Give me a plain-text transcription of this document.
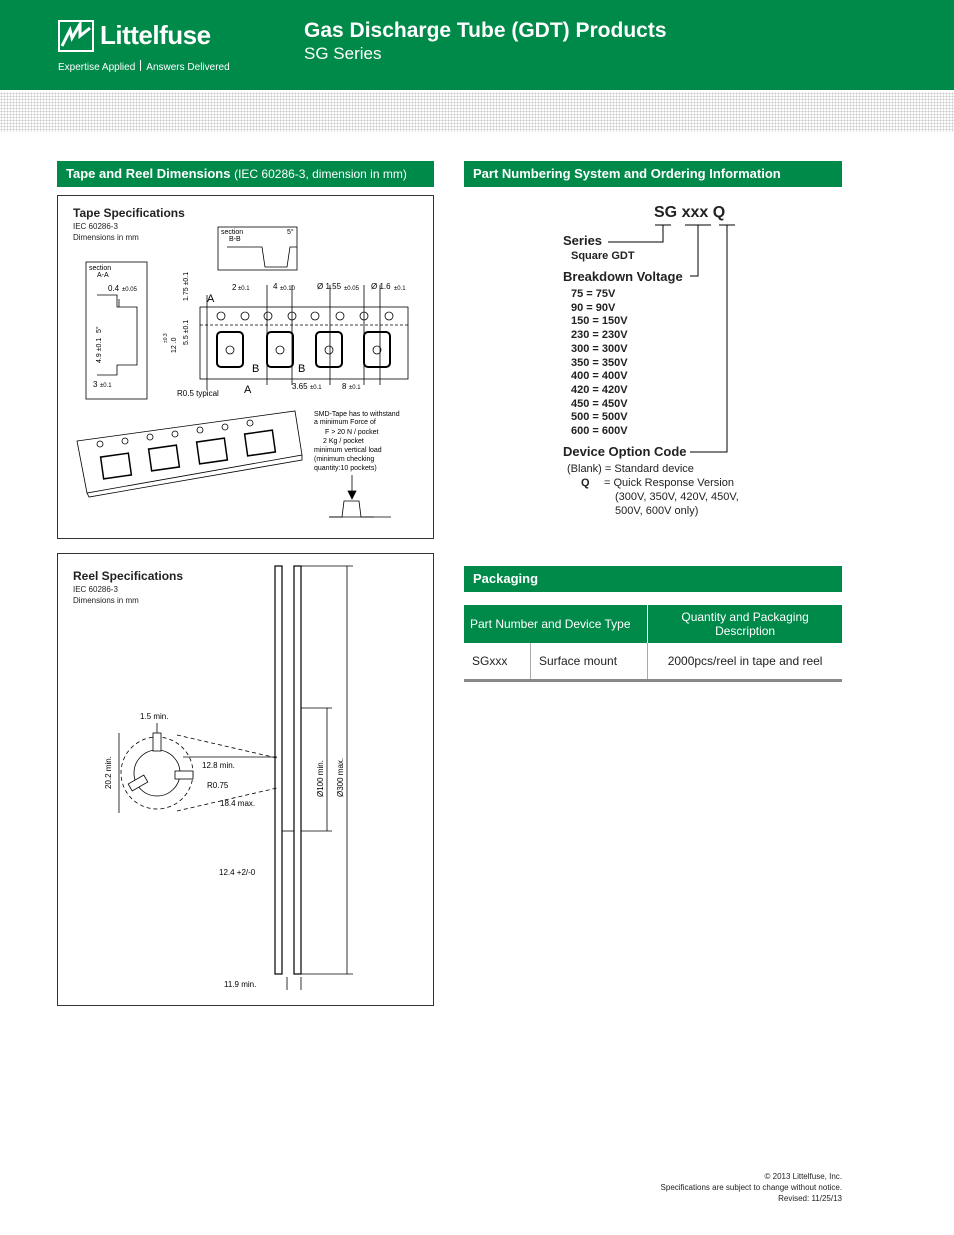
Littelfuse
Expertise Applied Answers Delivered
Gas Discharge Tube (GDT) Products
SG Series
Tape and Reel Dimensions (IEC 60286-3, dimension in mm)
Tape Specifications
IEC 60286-3
Dimensions in mm
section
A-A
section
B-B
5°
0.4 ±0.05
4.9 ±0.1
5°
3 ±0.1
1.75 ±0.1
5.5 ±0.1
12 .0
±0.3
2 ±0.1	4 ±0.10	Ø 1.55 ±0.05 Ø 1.6 ±0.1
3.65 ±0.1	8 ±0.1
R0.5 typical
A
A
B	B
SMD-Tape has to withstand
a minimum Force of
F > 20 N / pocket
2 Kg / pocket
minimum vertical load
(minimum checking
quantity:10 pockets)
Reel Specifications
IEC 60286-3
Dimensions in mm
1.5 min.
20.2 min.	12.8 min.
R0.75
18.4 max.
12.4 +2/-0
11.9 min.
Ø100 min. Ø300 max.
Part Numbering System and Ordering Information
SG xxx Q
Series
Square GDT
Breakdown Voltage
75 = 75V
90 = 90V
150 = 150V
230 = 230V
300 = 300V
350 = 350V
400 = 400V
420 = 420V
450 = 450V
500 = 500V
600 = 600V
Device Option Code
(Blank) = Standard device
Q = Quick Response Version
(300V, 350V, 420V, 450V,
500V, 600V only)
Packaging
Part Number and Device Type		Quantity and Packaging Description
SGxxx	Surface mount	2000pcs/reel in tape and reel
© 2013 Littelfuse, Inc.
Specifications are subject to change without notice.
Revised: 11/25/13
